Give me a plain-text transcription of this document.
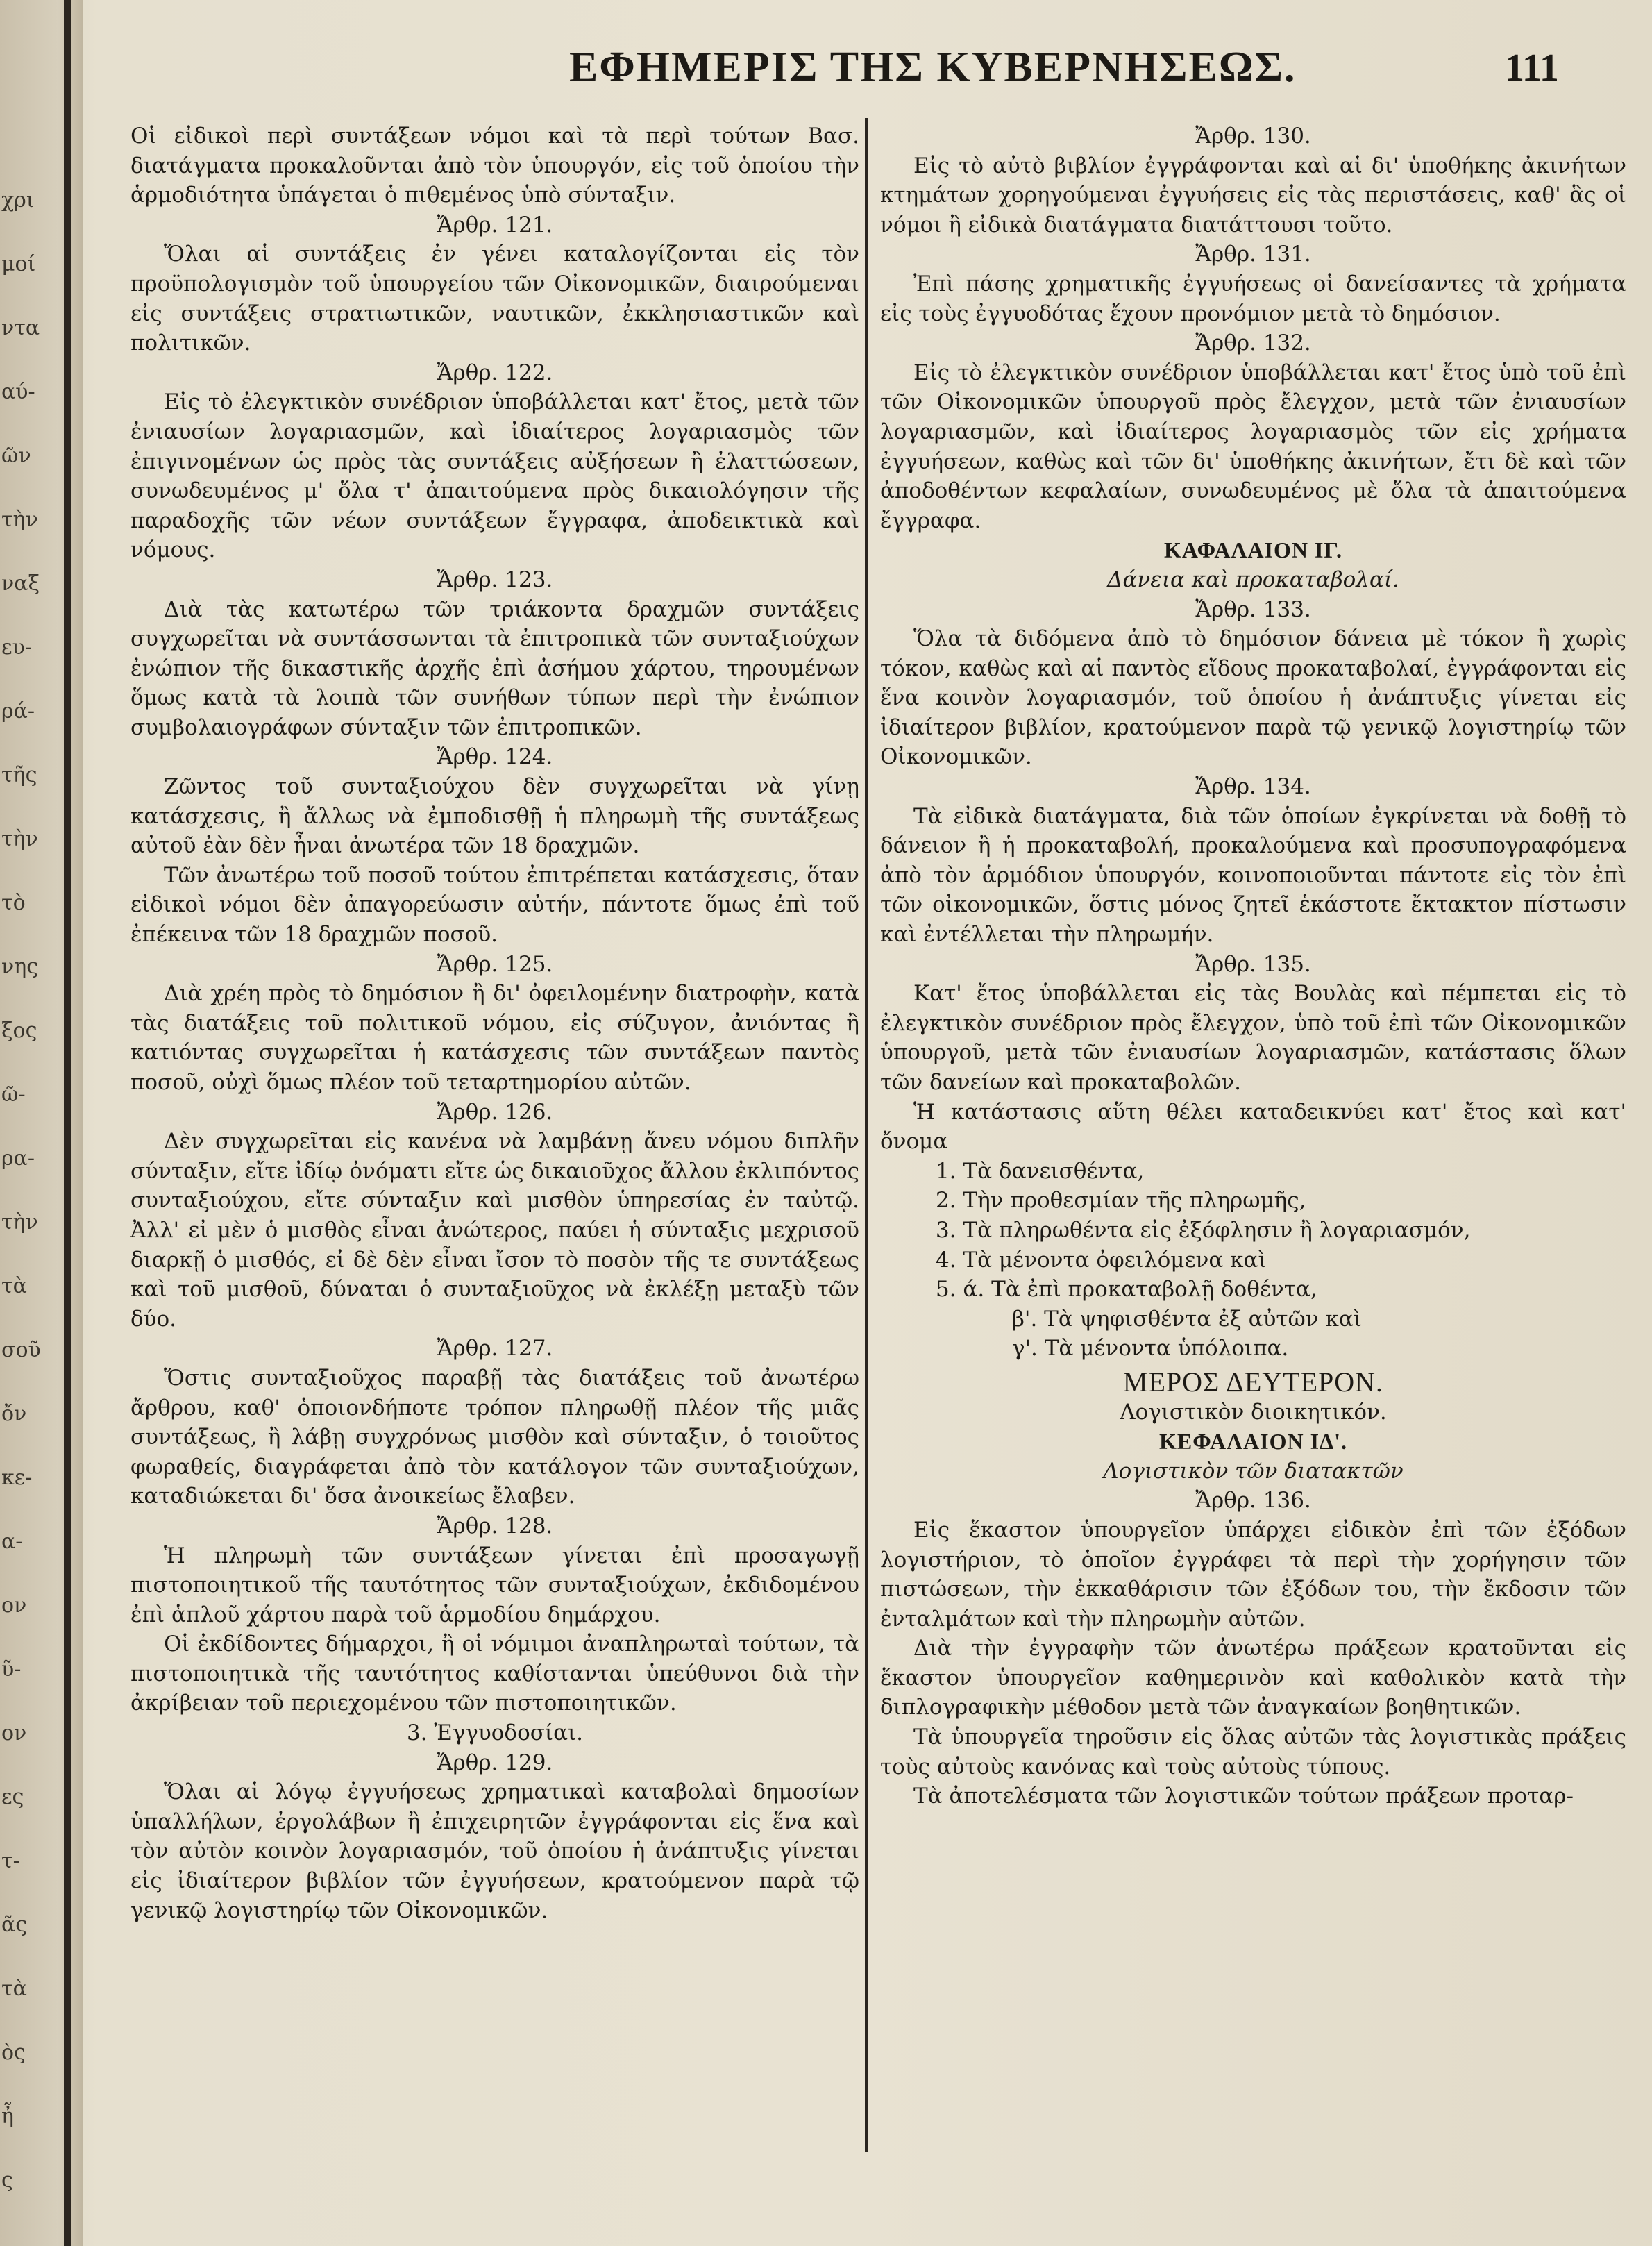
χρι
μοί
ντα
αύ-
ῶν
τὴν
ναξ
ευ-
ρά-
τῆς
τὴν
τὸ
νης
ξος
ῶ-
ρα-
τὴν
τὰ
σοῦ
ὄν
κε-
α-
ον
ῦ-
ον
ες
τ-
ᾶς
τὰ
ὸς
ἦ
ς
ΕΦΗΜΕΡΙΣ ΤΗΣ ΚΥΒΕΡΝΗΣΕΩΣ.	111
Οἱ εἰδικοὶ περὶ συντάξεων νόμοι καὶ τὰ περὶ τούτων Βασ. διατάγματα προκαλοῦνται ἀπὸ τὸν ὑπουργόν, εἰς τοῦ ὁποίου τὴν ἁρμοδιότητα ὑπάγεται ὁ πιθεμένος ὑπὸ σύνταξιν.
Ἄρθρ. 121.
Ὅλαι αἱ συντάξεις ἐν γένει καταλογίζονται εἰς τὸν προϋπολογισμὸν τοῦ ὑπουργείου τῶν Οἰκονομικῶν, διαιρούμεναι εἰς συντάξεις στρατιωτικῶν, ναυτικῶν, ἐκκλησιαστικῶν καὶ πολιτικῶν.
Ἄρθρ. 122.
Εἰς τὸ ἐλεγκτικὸν συνέδριον ὑποβάλλεται κατ' ἔτος, μετὰ τῶν ἐνιαυσίων λογαριασμῶν, καὶ ἰδιαίτερος λογαριασμὸς τῶν ἐπιγινομένων ὡς πρὸς τὰς συντάξεις αὐξήσεων ἢ ἐλαττώσεων, συνωδευμένος μ' ὅλα τ' ἀπαιτούμενα πρὸς δικαιολόγησιν τῆς παραδοχῆς τῶν νέων συντάξεων ἔγγραφα, ἀποδεικτικὰ καὶ νόμους.
Ἄρθρ. 123.
Διὰ τὰς κατωτέρω τῶν τριάκοντα δραχμῶν συντάξεις συγχωρεῖται νὰ συντάσσωνται τὰ ἐπιτροπικὰ τῶν συνταξιούχων ἐνώπιον τῆς δικαστικῆς ἀρχῆς ἐπὶ ἀσήμου χάρτου, τηρουμένων ὅμως κατὰ τὰ λοιπὰ τῶν συνήθων τύπων περὶ τὴν ἐνώπιον συμβολαιογράφων σύνταξιν τῶν ἐπιτροπικῶν.
Ἄρθρ. 124.
Ζῶντος τοῦ συνταξιούχου δὲν συγχωρεῖται νὰ γίνῃ κατάσχεσις, ἢ ἄλλως νὰ ἐμποδισθῇ ἡ πληρωμὴ τῆς συντάξεως αὐτοῦ ἐὰν δὲν ἦναι ἀνωτέρα τῶν 18 δραχμῶν.
Τῶν ἀνωτέρω τοῦ ποσοῦ τούτου ἐπιτρέπεται κατάσχεσις, ὅταν εἰδικοὶ νόμοι δὲν ἀπαγορεύωσιν αὐτήν, πάντοτε ὅμως ἐπὶ τοῦ ἐπέκεινα τῶν 18 δραχμῶν ποσοῦ.
Ἄρθρ. 125.
Διὰ χρέη πρὸς τὸ δημόσιον ἢ δι' ὀφειλομένην διατροφὴν, κατὰ τὰς διατάξεις τοῦ πολιτικοῦ νόμου, εἰς σύζυγον, ἀνιόντας ἢ κατιόντας συγχωρεῖται ἡ κατάσχεσις τῶν συντάξεων παντὸς ποσοῦ, οὐχὶ ὅμως πλέον τοῦ τεταρτημορίου αὐτῶν.
Ἄρθρ. 126.
Δὲν συγχωρεῖται εἰς κανένα νὰ λαμβάνῃ ἄνευ νόμου διπλῆν σύνταξιν, εἴτε ἰδίῳ ὀνόματι εἴτε ὡς δικαιοῦχος ἄλλου ἐκλιπόντος συνταξιούχου, εἴτε σύνταξιν καὶ μισθὸν ὑπηρεσίας ἐν ταὐτῷ. Ἀλλ' εἰ μὲν ὁ μισθὸς εἶναι ἀνώτερος, παύει ἡ σύνταξις μεχρισοῦ διαρκῇ ὁ μισθός, εἰ δὲ δὲν εἶναι ἴσον τὸ ποσὸν τῆς τε συντάξεως καὶ τοῦ μισθοῦ, δύναται ὁ συνταξιοῦχος νὰ ἐκλέξῃ μεταξὺ τῶν δύο.
Ἄρθρ. 127.
Ὅστις συνταξιοῦχος παραβῇ τὰς διατάξεις τοῦ ἀνωτέρω ἄρθρου, καθ' ὁποιονδήποτε τρόπον πληρωθῇ πλέον τῆς μιᾶς συντάξεως, ἢ λάβῃ συγχρόνως μισθὸν καὶ σύνταξιν, ὁ τοιοῦτος φωραθείς, διαγράφεται ἀπὸ τὸν κατάλογον τῶν συνταξιούχων, καταδιώκεται δι' ὅσα ἀνοικείως ἔλαβεν.
Ἄρθρ. 128.
Ἡ πληρωμὴ τῶν συντάξεων γίνεται ἐπὶ προσαγωγῇ πιστοποιητικοῦ τῆς ταυτότητος τῶν συνταξιούχων, ἐκδιδομένου ἐπὶ ἁπλοῦ χάρτου παρὰ τοῦ ἁρμοδίου δημάρχου.
Οἱ ἐκδίδοντες δήμαρχοι, ἢ οἱ νόμιμοι ἀναπληρωταὶ τούτων, τὰ πιστοποιητικὰ τῆς ταυτότητος καθίστανται ὑπεύθυνοι διὰ τὴν ἀκρίβειαν τοῦ περιεχομένου τῶν πιστοποιητικῶν.
3. Ἐγγυοδοσίαι.
Ἄρθρ. 129.
Ὅλαι αἱ λόγῳ ἐγγυήσεως χρηματικαὶ καταβολαὶ δημοσίων ὑπαλλήλων, ἐργολάβων ἢ ἐπιχειρητῶν ἐγγράφονται εἰς ἕνα καὶ τὸν αὐτὸν κοινὸν λογαριασμόν, τοῦ ὁποίου ἡ ἀνάπτυξις γίνεται εἰς ἰδιαίτερον βιβλίον τῶν ἐγγυήσεων, κρατούμενον παρὰ τῷ γενικῷ λογιστηρίῳ τῶν Οἰκονομικῶν.
Ἄρθρ. 130.
Εἰς τὸ αὐτὸ βιβλίον ἐγγράφονται καὶ αἱ δι' ὑποθήκης ἀκινήτων κτημάτων χορηγούμεναι ἐγγυήσεις εἰς τὰς περιστάσεις, καθ' ἃς οἱ νόμοι ἢ εἰδικὰ διατάγματα διατάττουσι τοῦτο.
Ἄρθρ. 131.
Ἐπὶ πάσης χρηματικῆς ἐγγυήσεως οἱ δανείσαντες τὰ χρήματα εἰς τοὺς ἐγγυοδότας ἔχουν προνόμιον μετὰ τὸ δημόσιον.
Ἄρθρ. 132.
Εἰς τὸ ἐλεγκτικὸν συνέδριον ὑποβάλλεται κατ' ἔτος ὑπὸ τοῦ ἐπὶ τῶν Οἰκονομικῶν ὑπουργοῦ πρὸς ἔλεγχον, μετὰ τῶν ἐνιαυσίων λογαριασμῶν, καὶ ἰδιαίτερος λογαριασμὸς τῶν εἰς χρήματα ἐγγυήσεων, καθὼς καὶ τῶν δι' ὑποθήκης ἀκινήτων, ἔτι δὲ καὶ τῶν ἀποδοθέντων κεφαλαίων, συνωδευμένος μὲ ὅλα τὰ ἀπαιτούμενα ἔγγραφα.
ΚΑΦΑΛΑΙΟΝ ΙΓ.
Δάνεια καὶ προκαταβολαί.
Ἄρθρ. 133.
Ὅλα τὰ διδόμενα ἀπὸ τὸ δημόσιον δάνεια μὲ τόκον ἢ χωρὶς τόκον, καθὼς καὶ αἱ παντὸς εἴδους προκαταβολαί, ἐγγράφονται εἰς ἕνα κοινὸν λογαριασμόν, τοῦ ὁποίου ἡ ἀνάπτυξις γίνεται εἰς ἰδιαίτερον βιβλίον, κρατούμενον παρὰ τῷ γενικῷ λογιστηρίῳ τῶν Οἰκονομικῶν.
Ἄρθρ. 134.
Τὰ εἰδικὰ διατάγματα, διὰ τῶν ὁποίων ἐγκρίνεται νὰ δοθῇ τὸ δάνειον ἢ ἡ προκαταβολή, προκαλούμενα καὶ προσυπογραφόμενα ἀπὸ τὸν ἁρμόδιον ὑπουργόν, κοινοποιοῦνται πάντοτε εἰς τὸν ἐπὶ τῶν οἰκονομικῶν, ὅστις μόνος ζητεῖ ἑκάστοτε ἔκτακτον πίστωσιν καὶ ἐντέλλεται τὴν πληρωμήν.
Ἄρθρ. 135.
Κατ' ἔτος ὑποβάλλεται εἰς τὰς Βουλὰς καὶ πέμπεται εἰς τὸ ἐλεγκτικὸν συνέδριον πρὸς ἔλεγχον, ὑπὸ τοῦ ἐπὶ τῶν Οἰκονομικῶν ὑπουργοῦ, μετὰ τῶν ἐνιαυσίων λογαριασμῶν, κατάστασις ὅλων τῶν δανείων καὶ προκαταβολῶν.
Ἡ κατάστασις αὕτη θέλει καταδεικνύει κατ' ἔτος καὶ κατ' ὄνομα
1. Τὰ δανεισθέντα,
2. Τὴν προθεσμίαν τῆς πληρωμῆς,
3. Τὰ πληρωθέντα εἰς ἐξόφλησιν ἢ λογαριασμόν,
4. Τὰ μένοντα ὀφειλόμενα καὶ
5. ά. Τὰ ἐπὶ προκαταβολῇ δοθέντα,
β'. Τὰ ψηφισθέντα ἐξ αὐτῶν καὶ
γ'. Τὰ μένοντα ὑπόλοιπα.
ΜΕΡΟΣ ΔΕΥΤΕΡΟΝ.
Λογιστικὸν διοικητικόν.
ΚΕΦΑΛΑΙΟΝ ΙΔ'.
Λογιστικὸν τῶν διατακτῶν
Ἄρθρ. 136.
Εἰς ἕκαστον ὑπουργεῖον ὑπάρχει εἰδικὸν ἐπὶ τῶν ἐξόδων λογιστήριον, τὸ ὁποῖον ἐγγράφει τὰ περὶ τὴν χορήγησιν τῶν πιστώσεων, τὴν ἐκκαθάρισιν τῶν ἐξόδων του, τὴν ἔκδοσιν τῶν ἐνταλμάτων καὶ τὴν πληρωμὴν αὐτῶν.
Διὰ τὴν ἐγγραφὴν τῶν ἀνωτέρω πράξεων κρατοῦνται εἰς ἕκαστον ὑπουργεῖον καθημερινὸν καὶ καθολικὸν κατὰ τὴν διπλογραφικὴν μέθοδον μετὰ τῶν ἀναγκαίων βοηθητικῶν.
Τὰ ὑπουργεῖα τηροῦσιν εἰς ὅλας αὐτῶν τὰς λογιστικὰς πράξεις τοὺς αὐτοὺς κανόνας καὶ τοὺς αὐτοὺς τύπους.
Τὰ ἀποτελέσματα τῶν λογιστικῶν τούτων πράξεων προταρ-
